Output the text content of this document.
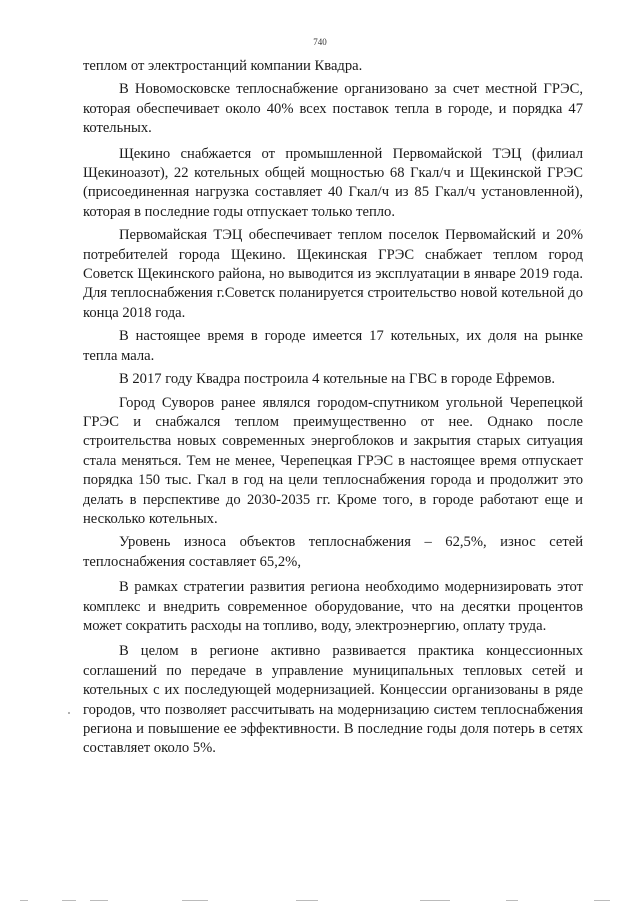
740

теплом от электростанций компании Квадра.

В Новомосковске теплоснабжение организовано за счет местной ГРЭС, которая обеспечивает около 40% всех поставок тепла в городе, и порядка 47 котельных.

Щекино снабжается от промышленной Первомайской ТЭЦ (филиал Щекиноазот), 22 котельных общей мощностью 68 Гкал/ч и Щекинской ГРЭС (присоединенная нагрузка составляет 40 Гкал/ч из 85 Гкал/ч установленной), которая в последние годы отпускает только тепло.

Первомайская ТЭЦ обеспечивает теплом поселок Первомайский и 20% потребителей города Щекино. Щекинская ГРЭС снабжает теплом город Советск Щекинского района, но выводится из эксплуатации в январе 2019 года. Для теплоснабжения г.Советск поланируется строительство новой котельной до конца 2018 года.

В настоящее время в городе имеется 17 котельных, их доля на рынке тепла мала.

В 2017 году Квадра построила 4 котельные на ГВС в городе Ефремов.

Город Суворов ранее являлся городом-спутником угольной Черепецкой ГРЭС и снабжался теплом преимущественно от нее. Однако после строительства новых современных энергоблоков и закрытия старых ситуация стала меняться. Тем не менее, Черепецкая ГРЭС в настоящее время отпускает порядка 150 тыс. Гкал в год на цели теплоснабжения города и продолжит это делать в перспективе до 2030-2035 гг. Кроме того, в городе работают еще и несколько котельных.

Уровень износа объектов теплоснабжения – 62,5%, износ сетей теплоснабжения составляет 65,2%,

В рамках стратегии развития региона необходимо модернизировать этот комплекс и внедрить современное оборудование, что на десятки процентов может сократить расходы на топливо, воду, электроэнергию, оплату труда.

В целом в регионе активно развивается практика концессионных соглашений по передаче в управление муниципальных тепловых сетей и котельных с их последующей модернизацией. Концессии организованы в ряде городов, что позволяет рассчитывать на модернизацию систем теплоснабжения региона и повышение ее эффективности. В последние годы доля потерь в сетях составляет около 5%.
